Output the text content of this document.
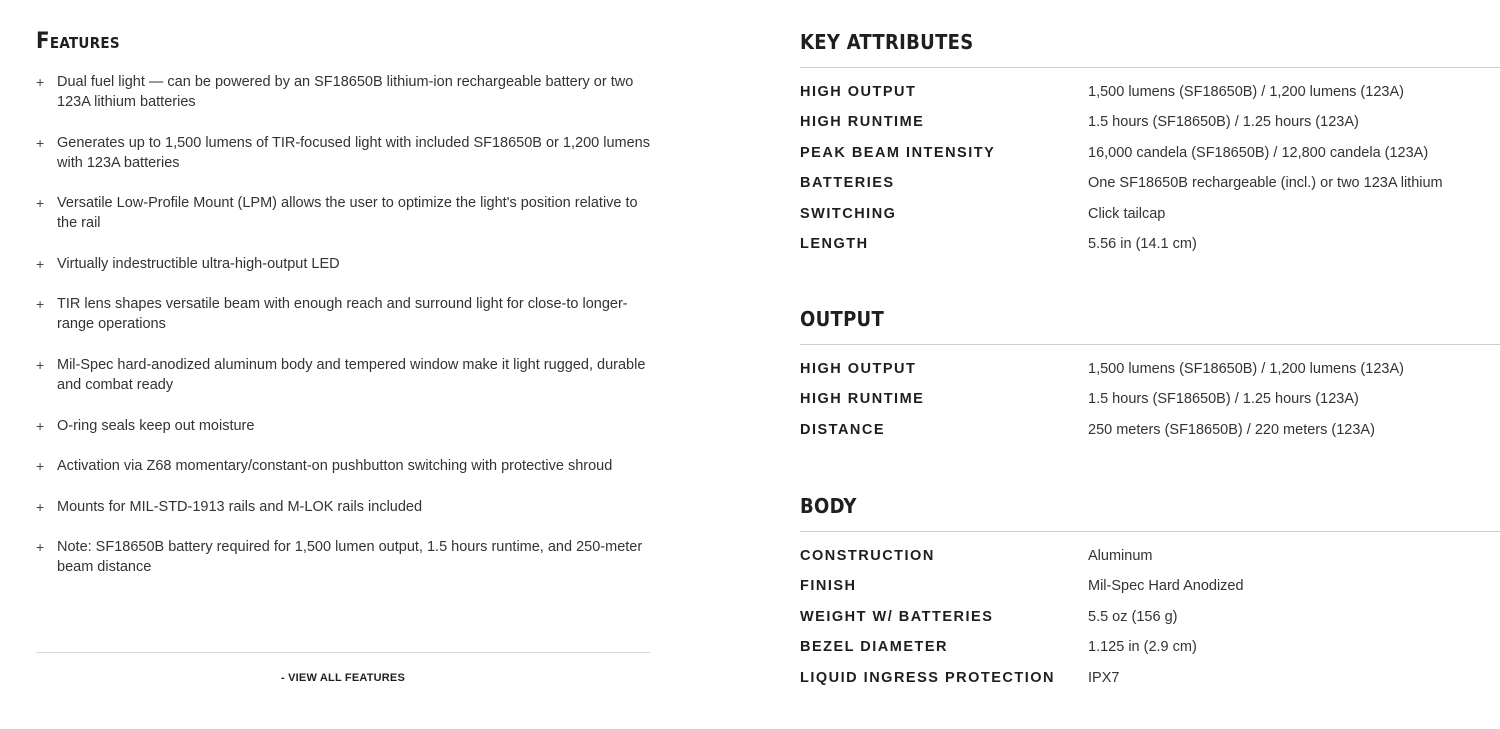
Features
+ Dual fuel light — can be powered by an SF18650B lithium-ion rechargeable battery or two 123A lithium batteries
+ Generates up to 1,500 lumens of TIR-focused light with included SF18650B or 1,200 lumens with 123A batteries
+ Versatile Low-Profile Mount (LPM) allows the user to optimize the light's position relative to the rail
+ Virtually indestructible ultra-high-output LED
+ TIR lens shapes versatile beam with enough reach and surround light for close-to longer-range operations
+ Mil-Spec hard-anodized aluminum body and tempered window make it light rugged, durable and combat ready
+ O-ring seals keep out moisture
+ Activation via Z68 momentary/constant-on pushbutton switching with protective shroud
+ Mounts for MIL-STD-1913 rails and M-LOK rails included
+ Note: SF18650B battery required for 1,500 lumen output, 1.5 hours runtime, and 250-meter beam distance
- VIEW ALL FEATURES
KEY ATTRIBUTES
HIGH OUTPUT	1,500 lumens (SF18650B) / 1,200 lumens (123A)
HIGH RUNTIME	1.5 hours (SF18650B) / 1.25 hours (123A)
PEAK BEAM INTENSITY	16,000 candela (SF18650B) / 12,800 candela (123A)
BATTERIES	One SF18650B rechargeable (incl.) or two 123A lithium
SWITCHING	Click tailcap
LENGTH	5.56 in (14.1 cm)
OUTPUT
HIGH OUTPUT	1,500 lumens (SF18650B) / 1,200 lumens (123A)
HIGH RUNTIME	1.5 hours (SF18650B) / 1.25 hours (123A)
DISTANCE	250 meters (SF18650B) / 220 meters (123A)
BODY
CONSTRUCTION	Aluminum
FINISH	Mil-Spec Hard Anodized
WEIGHT W/ BATTERIES	5.5 oz (156 g)
BEZEL DIAMETER	1.125 in (2.9 cm)
LIQUID INGRESS PROTECTION IPX7
